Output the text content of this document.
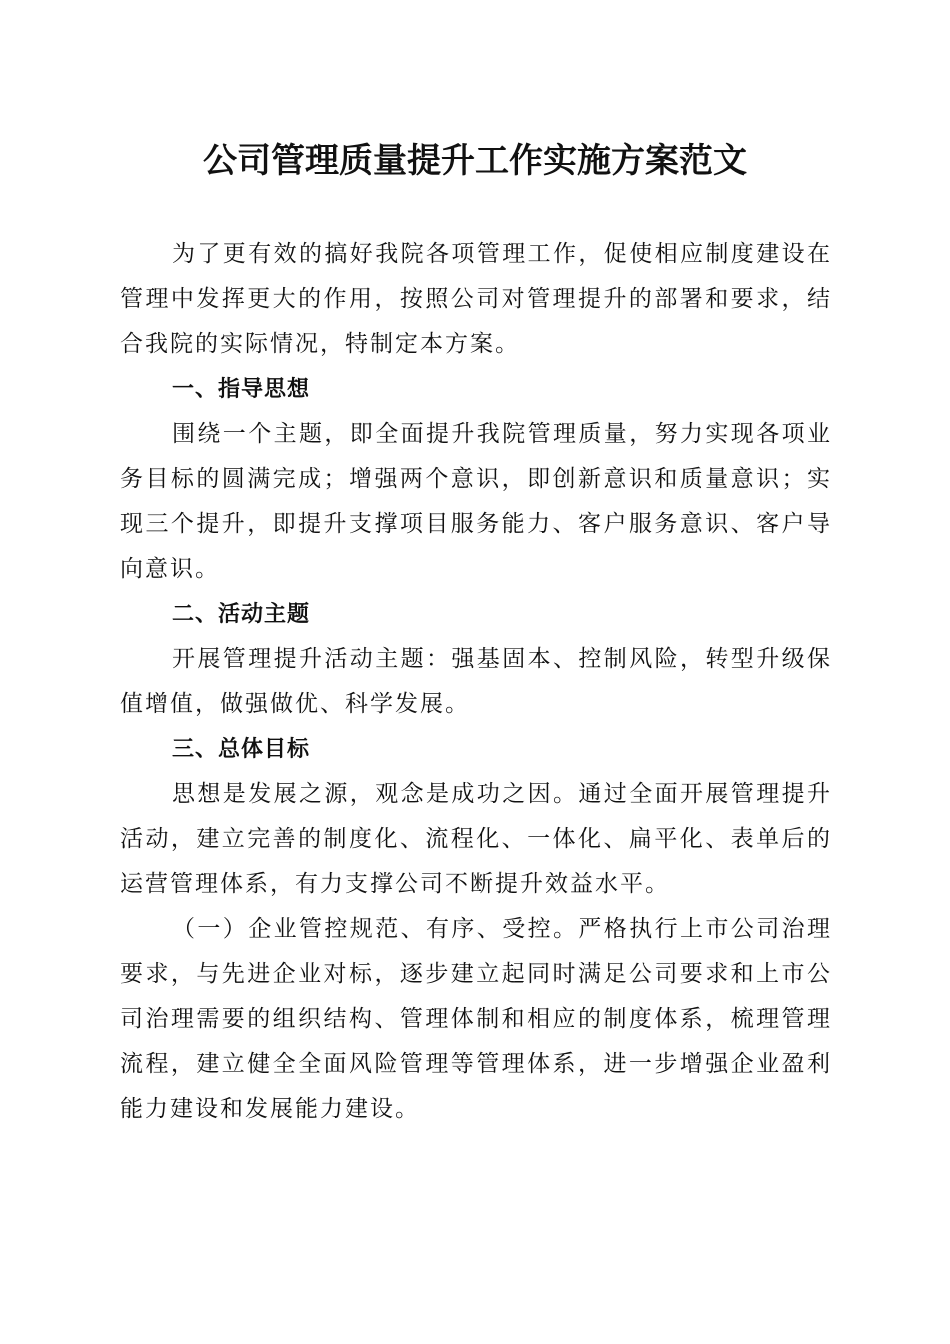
公司管理质量提升工作实施方案范文

为了更有效的搞好我院各项管理工作，促使相应制度建设在管理中发挥更大的作用，按照公司对管理提升的部署和要求，结合我院的实际情况，特制定本方案。

一、指导思想

围绕一个主题，即全面提升我院管理质量，努力实现各项业务目标的圆满完成；增强两个意识，即创新意识和质量意识；实现三个提升，即提升支撑项目服务能力、客户服务意识、客户导向意识。

二、活动主题

开展管理提升活动主题：强基固本、控制风险，转型升级保值增值，做强做优、科学发展。

三、总体目标

思想是发展之源，观念是成功之因。通过全面开展管理提升活动，建立完善的制度化、流程化、一体化、扁平化、表单后的运营管理体系，有力支撑公司不断提升效益水平。

（一）企业管控规范、有序、受控。严格执行上市公司治理要求，与先进企业对标，逐步建立起同时满足公司要求和上市公司治理需要的组织结构、管理体制和相应的制度体系，梳理管理流程，建立健全全面风险管理等管理体系，进一步增强企业盈利能力建设和发展能力建设。
